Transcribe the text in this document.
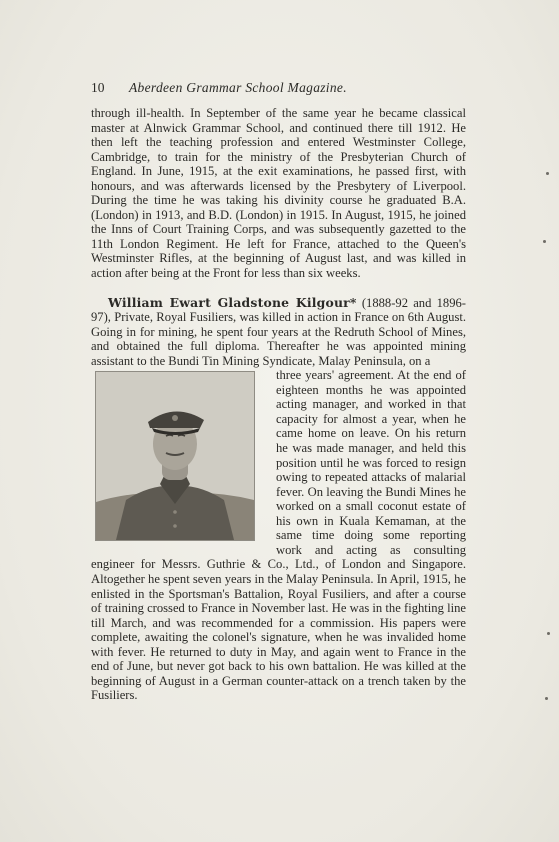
10 Aberdeen Grammar School Magazine.

through ill-health. In September of the same year he became classical master at Alnwick Grammar School, and continued there till 1912. He then left the teaching profession and entered Westminster College, Cambridge, to train for the ministry of the Presbyterian Church of England. In June, 1915, at the exit examinations, he passed first, with honours, and was afterwards licensed by the Presbytery of Liverpool. During the time he was taking his divinity course he graduated B.A. (London) in 1913, and B.D. (London) in 1915. In August, 1915, he joined the Inns of Court Training Corps, and was subsequently gazetted to the 11th London Regiment. He left for France, attached to the Queen's Westminster Rifles, at the beginning of August last, and was killed in action after being at the Front for less than six weeks.

William Ewart Gladstone Kilgour* (1888-92 and 1896-97), Private, Royal Fusiliers, was killed in action in France on 6th August. Going in for mining, he spent four years at the Redruth School of Mines, and obtained the full diploma. Thereafter he was appointed mining assistant to the Bundi Tin Mining Syndicate, Malay Peninsula, on a

three years' agreement. At the end of eighteen months he was appointed acting manager, and worked in that capacity for almost a year, when he came home on leave. On his return he was made manager, and held this position until he was forced to resign owing to repeated attacks of malarial fever. On leaving the Bundi Mines he worked on a small coconut estate of his own in Kuala Kemaman, at the same time doing some reporting work and acting as consulting engineer for Messrs. Guthrie & Co., Ltd., of London and Singapore. Altogether he spent seven years in the Malay Peninsula. In April, 1915, he enlisted in the Sportsman's Battalion, Royal Fusiliers, and after a course of training crossed to France in November last. He was in the fighting line till March, and was recommended for a commission. His papers were complete, awaiting the colonel's signature, when he was invalided home with fever. He returned to duty in May, and again went to France in the end of June, but never got back to his own battalion. He was killed at the beginning of August in a German counter-attack on a trench taken by the Fusiliers.
